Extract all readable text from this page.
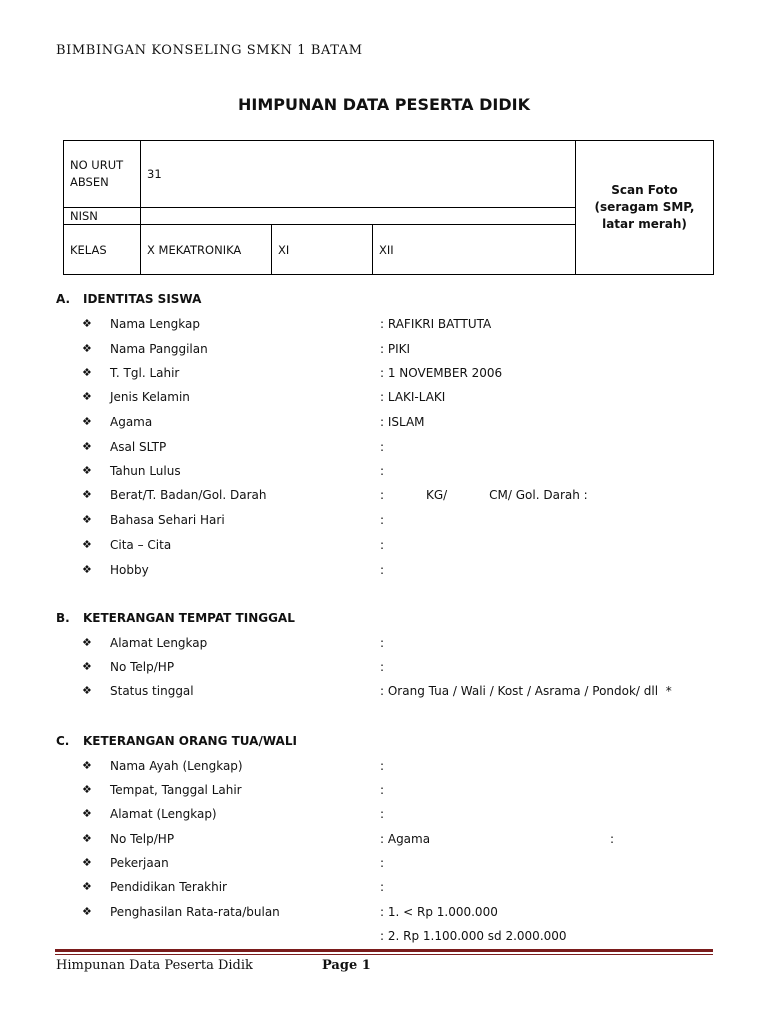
BIMBINGAN KONSELING SMKN 1 BATAM
HIMPUNAN DATA PESERTA DIDIK
NO URUT ABSEN	31			Scan Foto (seragam SMP, latar merah)
NISN				
KELAS	X MEKATRONIKA	XI	XII	
A. IDENTITAS SISWA
❖ Nama Lengkap	: RAFIKRI BATTUTA
❖ Nama Panggilan	: PIKI
❖ T. Tgl. Lahir	: 1 NOVEMBER 2006
❖ Jenis Kelamin	: LAKI-LAKI
❖ Agama	: ISLAM
❖ Asal SLTP	:
❖ Tahun Lulus	:
❖ Berat/T. Badan/Gol. Darah	:           KG/           CM/ Gol. Darah :
❖ Bahasa Sehari Hari	:
❖ Cita – Cita	:
❖ Hobby	:
B. KETERANGAN TEMPAT TINGGAL
❖ Alamat Lengkap	:
❖ No Telp/HP	:
❖ Status tinggal	: Orang Tua / Wali / Kost / Asrama / Pondok/ dll  *
C. KETERANGAN ORANG TUA/WALI
❖ Nama Ayah (Lengkap)	:
❖ Tempat, Tanggal Lahir	:
❖ Alamat (Lengkap)	:
❖ No Telp/HP	: Agama	:
❖ Pekerjaan	:
❖ Pendidikan Terakhir	:
❖ Penghasilan Rata-rata/bulan	: 1. < Rp 1.000.000
: 2. Rp 1.100.000 sd 2.000.000
Himpunan Data Peserta Didik	Page 1
